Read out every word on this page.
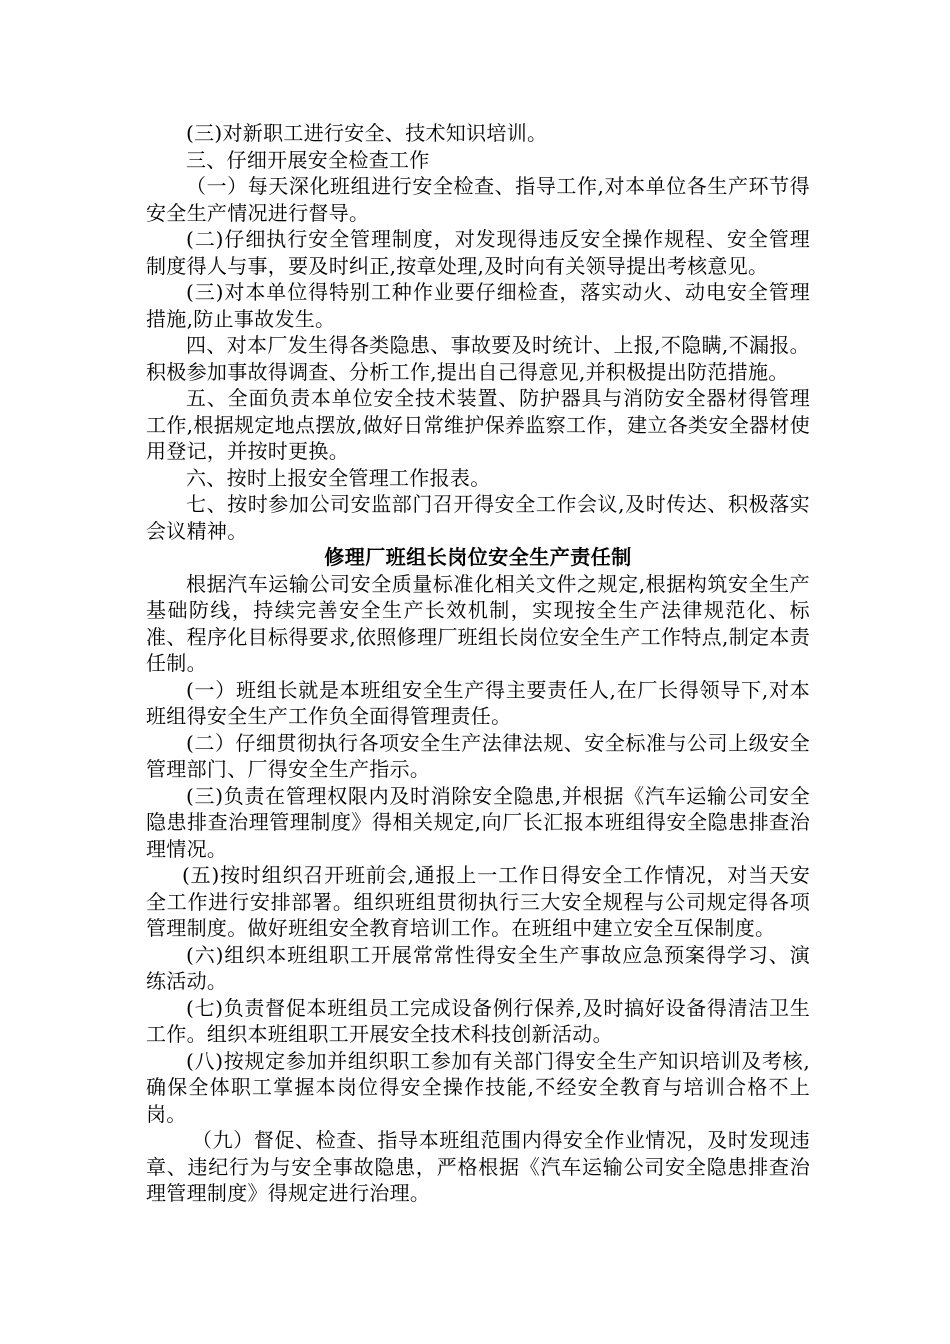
(三)对新职工进行安全、技术知识培训。

三、仔细开展安全检查工作

（一）每天深化班组进行安全检查、指导工作,对本单位各生产环节得安全生产情况进行督导。

(二)仔细执行安全管理制度，对发现得违反安全操作规程、安全管理制度得人与事，要及时纠正,按章处理,及时向有关领导提出考核意见。

(三)对本单位得特别工种作业要仔细检查，落实动火、动电安全管理措施,防止事故发生。

四、对本厂发生得各类隐患、事故要及时统计、上报,不隐瞒,不漏报。积极参加事故得调查、分析工作,提出自己得意见,并积极提出防范措施。

五、全面负责本单位安全技术装置、防护器具与消防安全器材得管理工作,根据规定地点摆放,做好日常维护保养监察工作，建立各类安全器材使用登记，并按时更换。

六、按时上报安全管理工作报表。

七、按时参加公司安监部门召开得安全工作会议,及时传达、积极落实会议精神。

修理厂班组长岗位安全生产责任制

根据汽车运输公司安全质量标准化相关文件之规定,根据构筑安全生产基础防线，持续完善安全生产长效机制，实现按全生产法律规范化、标准、程序化目标得要求,依照修理厂班组长岗位安全生产工作特点,制定本责任制。

(一）班组长就是本班组安全生产得主要责任人,在厂长得领导下,对本班组得安全生产工作负全面得管理责任。

(二）仔细贯彻执行各项安全生产法律法规、安全标准与公司上级安全管理部门、厂得安全生产指示。

(三)负责在管理权限内及时消除安全隐患,并根据《汽车运输公司安全隐患排查治理管理制度》得相关规定,向厂长汇报本班组得安全隐患排查治理情况。

(五)按时组织召开班前会,通报上一工作日得安全工作情况，对当天安全工作进行安排部署。组织班组贯彻执行三大安全规程与公司规定得各项管理制度。做好班组安全教育培训工作。在班组中建立安全互保制度。

(六)组织本班组职工开展常常性得安全生产事故应急预案得学习、演练活动。

(七)负责督促本班组员工完成设备例行保养,及时搞好设备得清洁卫生工作。组织本班组职工开展安全技术科技创新活动。

(八)按规定参加并组织职工参加有关部门得安全生产知识培训及考核,确保全体职工掌握本岗位得安全操作技能,不经安全教育与培训合格不上岗。

（九）督促、检查、指导本班组范围内得安全作业情况，及时发现违章、违纪行为与安全事故隐患，严格根据《汽车运输公司安全隐患排查治理管理制度》得规定进行治理。
